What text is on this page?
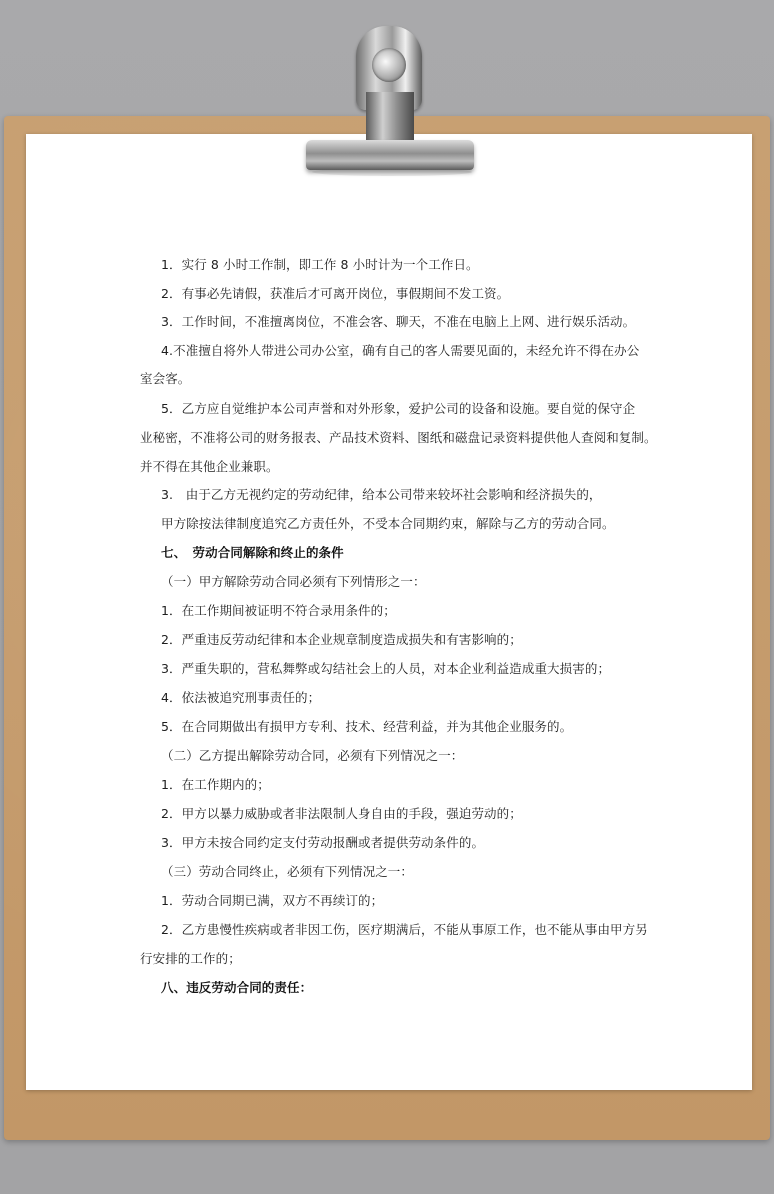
1．实行 8 小时工作制，即工作 8 小时计为一个工作日。
2．有事必先请假，获准后才可离开岗位，事假期间不发工资。
3．工作时间，不准擅离岗位，不准会客、聊天，不准在电脑上上网、进行娱乐活动。
4.不准擅自将外人带进公司办公室，确有自己的客人需要见面的，未经允许不得在办公
室会客。
5．乙方应自觉维护本公司声誉和对外形象，爱护公司的设备和设施。要自觉的保守企
业秘密，不准将公司的财务报表、产品技术资料、图纸和磁盘记录资料提供他人查阅和复制。
并不得在其他企业兼职。
3.　由于乙方无视约定的劳动纪律，给本公司带来较坏社会影响和经济损失的，
甲方除按法律制度追究乙方责任外，不受本合同期约束，解除与乙方的劳动合同。
七、　劳动合同解除和终止的条件
（一）甲方解除劳动合同必须有下列情形之一：
1．在工作期间被证明不符合录用条件的；
2．严重违反劳动纪律和本企业规章制度造成损失和有害影响的；
3．严重失职的，营私舞弊或勾结社会上的人员，对本企业利益造成重大损害的；
4．依法被追究刑事责任的；
5．在合同期做出有损甲方专利、技术、经营利益，并为其他企业服务的。
（二）乙方提出解除劳动合同，必须有下列情况之一：
1．在工作期内的；
2．甲方以暴力威胁或者非法限制人身自由的手段，强迫劳动的；
3．甲方未按合同约定支付劳动报酬或者提供劳动条件的。
（三）劳动合同终止，必须有下列情况之一：
1．劳动合同期已满，双方不再续订的；
2．乙方患慢性疾病或者非因工伤，医疗期满后，不能从事原工作，也不能从事由甲方另
行安排的工作的；
八、违反劳动合同的责任：
